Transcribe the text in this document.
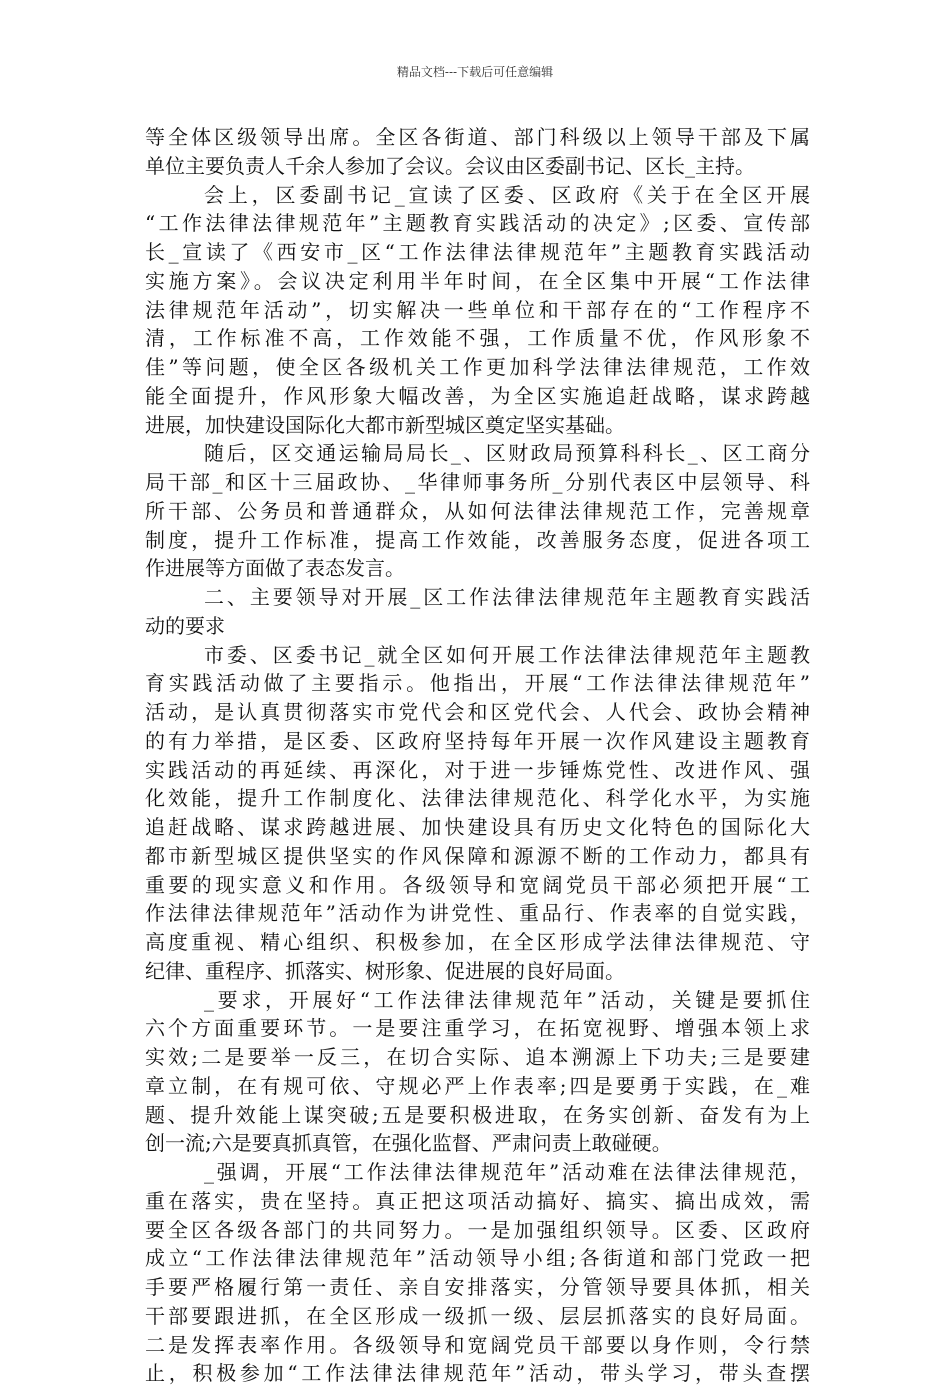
精品文档---下载后可任意编辑
等全体区级领导出席。全区各街道、部门科级以上领导干部及下属
单位主要负责人千余人参加了会议。会议由区委副书记、区长_主持。
会上，区委副书记_宣读了区委、区政府《关于在全区开展
“工作法律法律规范年”主题教育实践活动的决定》;区委、宣传部
长_宣读了《西安市_区“工作法律法律规范年”主题教育实践活动
实施方案》。会议决定利用半年时间，在全区集中开展“工作法律
法律规范年活动”，切实解决一些单位和干部存在的“工作程序不
清，工作标准不高，工作效能不强，工作质量不优，作风形象不
佳”等问题，使全区各级机关工作更加科学法律法律规范，工作效
能全面提升，作风形象大幅改善，为全区实施追赶战略，谋求跨越
进展，加快建设国际化大都市新型城区奠定坚实基础。
随后，区交通运输局局长_、区财政局预算科科长_、区工商分
局干部_和区十三届政协、_华律师事务所_分别代表区中层领导、科
所干部、公务员和普通群众，从如何法律法律规范工作，完善规章
制度，提升工作标准，提高工作效能，改善服务态度，促进各项工
作进展等方面做了表态发言。
二、主要领导对开展_区工作法律法律规范年主题教育实践活
动的要求
市委、区委书记_就全区如何开展工作法律法律规范年主题教
育实践活动做了主要指示。他指出，开展“工作法律法律规范年”
活动，是认真贯彻落实市党代会和区党代会、人代会、政协会精神
的有力举措，是区委、区政府坚持每年开展一次作风建设主题教育
实践活动的再延续、再深化，对于进一步锤炼党性、改进作风、强
化效能，提升工作制度化、法律法律规范化、科学化水平，为实施
追赶战略、谋求跨越进展、加快建设具有历史文化特色的国际化大
都市新型城区提供坚实的作风保障和源源不断的工作动力，都具有
重要的现实意义和作用。各级领导和宽阔党员干部必须把开展“工
作法律法律规范年”活动作为讲党性、重品行、作表率的自觉实践，
高度重视、精心组织、积极参加，在全区形成学法律法律规范、守
纪律、重程序、抓落实、树形象、促进展的良好局面。
_要求，开展好“工作法律法律规范年”活动，关键是要抓住
六个方面重要环节。一是要注重学习，在拓宽视野、增强本领上求
实效;二是要举一反三，在切合实际、追本溯源上下功夫;三是要建
章立制，在有规可依、守规必严上作表率;四是要勇于实践，在_难
题、提升效能上谋突破;五是要积极进取，在务实创新、奋发有为上
创一流;六是要真抓真管，在强化监督、严肃问责上敢碰硬。
_强调，开展“工作法律法律规范年”活动难在法律法律规范，
重在落实，贵在坚持。真正把这项活动搞好、搞实、搞出成效，需
要全区各级各部门的共同努力。一是加强组织领导。区委、区政府
成立“工作法律法律规范年”活动领导小组;各街道和部门党政一把
手要严格履行第一责任、亲自安排落实，分管领导要具体抓，相关
干部要跟进抓，在全区形成一级抓一级、层层抓落实的良好局面。
二是发挥表率作用。各级领导和宽阔党员干部要以身作则，令行禁
止，积极参加“工作法律法律规范年”活动，带头学习，带头查摆
